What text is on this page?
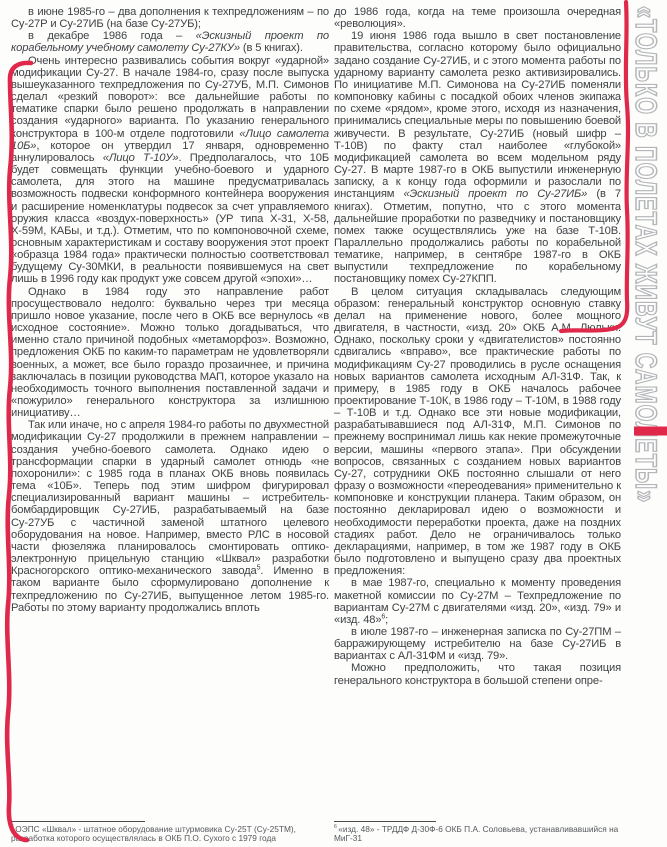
в июне 1985-го – два дополнения к техпредложениям – по Су-27Р и Су-27ИБ (на базе Су-27УБ);

в декабре 1986 года – «Эскизный проект по корабельному учебному самолету Су-27КУ» (в 5 книгах).

Очень интересно развивались события вокруг «ударной» модификации Су-27. В начале 1984-го, сразу после выпуска вышеуказанного техпредложения по Су-27УБ, М.П. Симонов сделал «резкий поворот»: все дальнейшие работы по тематике спарки было решено продолжать в направлении создания «ударного» варианта. По указанию генерального конструктора в 100-м отделе подготовили «Лицо самолета 10Б», которое он утвердил 17 января, одновременно аннулировалось «Лицо Т-10У». Предполагалось, что 10Б будет совмещать функции учебно-боевого и ударного самолета, для этого на машине предусматривалась возможность подвески конформного контейнера вооружения и расширение номенклатуры подвесок за счет управляемого оружия класса «воздух-поверхность» (УР типа Х-31, Х-58, Х-59М, КАБы, и т.д.). Отметим, что по компоновочной схеме, основным характеристикам и составу вооружения этот проект «образца 1984 года» практически полностью соответствовал будущему Су-30МКИ, в реальности появившемуся на свет лишь в 1996 году как продукт уже совсем другой «эпохи»…

Однако в 1984 году это направление работ просуществовало недолго: буквально через три месяца пришло новое указание, после чего в ОКБ все вернулось «в исходное состояние». Можно только догадываться, что именно стало причиной подобных «метаморфоз». Возможно, предложения ОКБ по каким-то параметрам не удовлетворяли военных, а может, все было гораздо прозаичнее, и причина заключалась в позиции руководства МАП, которое указало на необходимость точного выполнения поставленной задачи и «пожурило» генерального конструктора за излишнюю инициативу…

Так или иначе, но с апреля 1984-го работы по двухместной модификации Су-27 продолжили в прежнем направлении – создания учебно-боевого самолета. Однако идею о трансформации спарки в ударный самолет отнюдь «не похоронили»: с 1985 года в планах ОКБ вновь появилась тема «10Б». Теперь под этим шифром фигурировал специализированный вариант машины – истребитель-бомбардировщик Су-27ИБ, разрабатываемый на базе Су-27УБ с частичной заменой штатного целевого оборудования на новое. Например, вместо РЛС в носовой части фюзеляжа планировалось смонтировать оптико-электронную прицельную станцию «Шквал» разработки Красногорского оптико-механического завода$^5$. Именно в таком варианте было сформулировано дополнение к техпредложению по Су-27ИБ, выпущенное летом 1985-го. Работы по этому варианту продолжались вплоть

$^5$ ОЭПС «Шквал» - штатное оборудование штурмовика Су-25Т (Су-25ТМ), разработка которого осуществлялась в ОКБ П.О. Сухого с 1979 года

до 1986 года, когда на теме произошла очередная «революция».

19 июня 1986 года вышло в свет постановление правительства, согласно которому было официально задано создание Су-27ИБ, и с этого момента работы по ударному варианту самолета резко активизировались. По инициативе М.П. Симонова на Су-27ИБ поменяли компоновку кабины с посадкой обоих членов экипажа по схеме «рядом», кроме этого, исходя из назначения, принимались специальные меры по повышению боевой живучести. В результате, Су-27ИБ (новый шифр – Т-10В) по факту стал наиболее «глубокой» модификацией самолета во всем модельном ряду Су-27. В марте 1987-го в ОКБ выпустили инженерную записку, а к концу года оформили и разослали по инстанциям «Эскизный проект по Су-27ИБ» (в 7 книгах). Отметим, попутно, что с этого момента дальнейшие проработки по разведчику и постановщику помех также осуществлялись уже на базе Т-10В. Параллельно продолжались работы по корабельной тематике, например, в сентябре 1987-го в ОКБ выпустили техпредложение по корабельному постановщику помех Су-27КПП.

В целом ситуация складывалась следующим образом: генеральный конструктор основную ставку делал на применение нового, более мощного двигателя, в частности, «изд. 20» ОКБ А.М. Люльки. Однако, поскольку сроки у «двигателистов» постоянно сдвигались «вправо», все практические работы по модификациям Су-27 проводились в русле оснащения новых вариантов самолета исходным АЛ-31Ф. Так, к примеру, в 1985 году в ОКБ началось рабочее проектирование Т-10К, в 1986 году – Т-10М, в 1988 году – Т-10В и т.д. Однако все эти новые модификации, разрабатывавшиеся под АЛ-31Ф, М.П. Симонов по прежнему воспринимал лишь как некие промежуточные версии, машины «первого этапа». При обсуждении вопросов, связанных с созданием новых вариантов Су-27, сотрудники ОКБ постоянно слышали от него фразу о возможности «переодевания» применительно к компоновке и конструкции планера. Таким образом, он постоянно декларировал идею о возможности и необходимости переработки проекта, даже на поздних стадиях работ. Дело не ограничивалось только декларациями, например, в том же 1987 году в ОКБ было подготовлено и выпущено сразу два проектных предложения:

в мае 1987-го, специально к моменту проведения макетной комиссии по Су-27М – Техпредложение по вариантам Су-27М с двигателями «изд. 20», «изд. 79» и «изд. 48»$^6$;

в июле 1987-го – инженерная записка по Су-27ПМ – барражирующему истребителю на базе Су-27ИБ в вариантах с АЛ-31ФМ и «изд. 79».

Можно предположить, что такая позиция генерального конструктора в большой степени опре-

$^6$ «изд. 48» - ТРДДФ Д-30Ф-6 ОКБ П.А. Соловьева, устанавливавшийся на МиГ-31
«ТОЛЬКО В ПОЛЕТАХ ЖИВУТ САМОЛЕТЫ»
